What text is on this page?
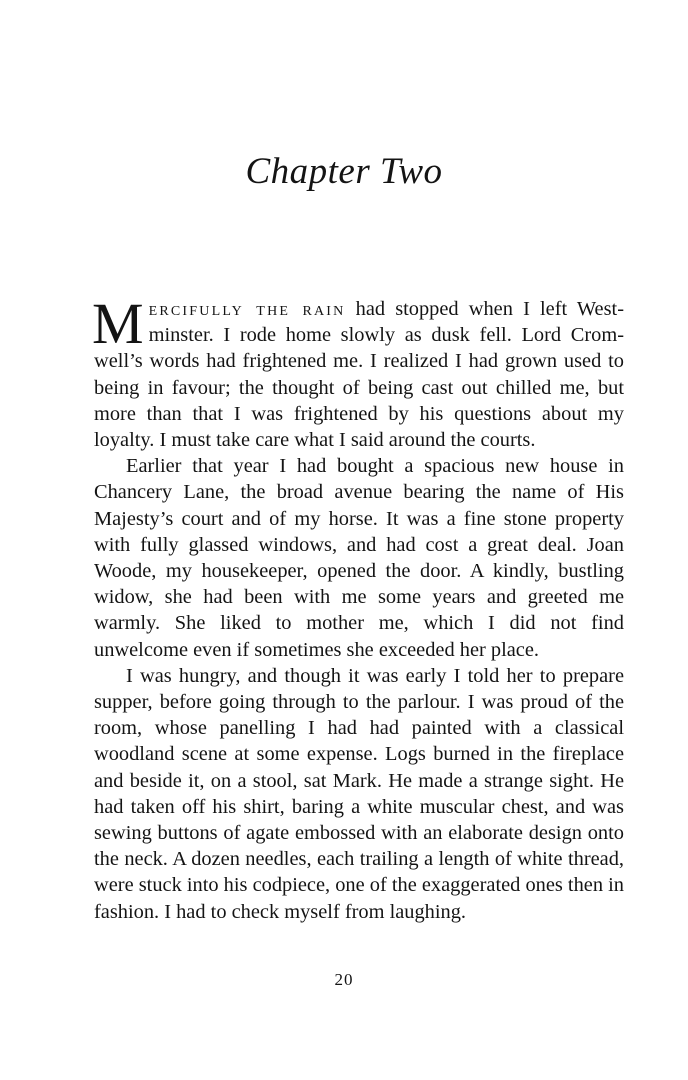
Chapter Two

Mercifully the rain had stopped when I left West‐minster. I rode home slowly as dusk fell. Lord Crom‐well’s words had frightened me. I realized I had grown used to being in favour; the thought of being cast out chilled me, but more than that I was frightened by his questions about my loyalty. I must take care what I said around the courts.

Earlier that year I had bought a spacious new house in Chancery Lane, the broad avenue bearing the name of His Majesty’s court and of my horse. It was a fine stone property with fully glassed windows, and had cost a great deal. Joan Woode, my housekeeper, opened the door. A kindly, bustling widow, she had been with me some years and greeted me warmly. She liked to mother me, which I did not find unwelcome even if sometimes she exceeded her place.

I was hungry, and though it was early I told her to prepare supper, before going through to the parlour. I was proud of the room, whose panelling I had had painted with a classical woodland scene at some expense. Logs burned in the fireplace and beside it, on a stool, sat Mark. He made a strange sight. He had taken off his shirt, baring a white muscular chest, and was sewing buttons of agate embossed with an elaborate design onto the neck. A dozen needles, each trailing a length of white thread, were stuck into his codpiece, one of the exaggerated ones then in fashion. I had to check myself from laughing.

20
